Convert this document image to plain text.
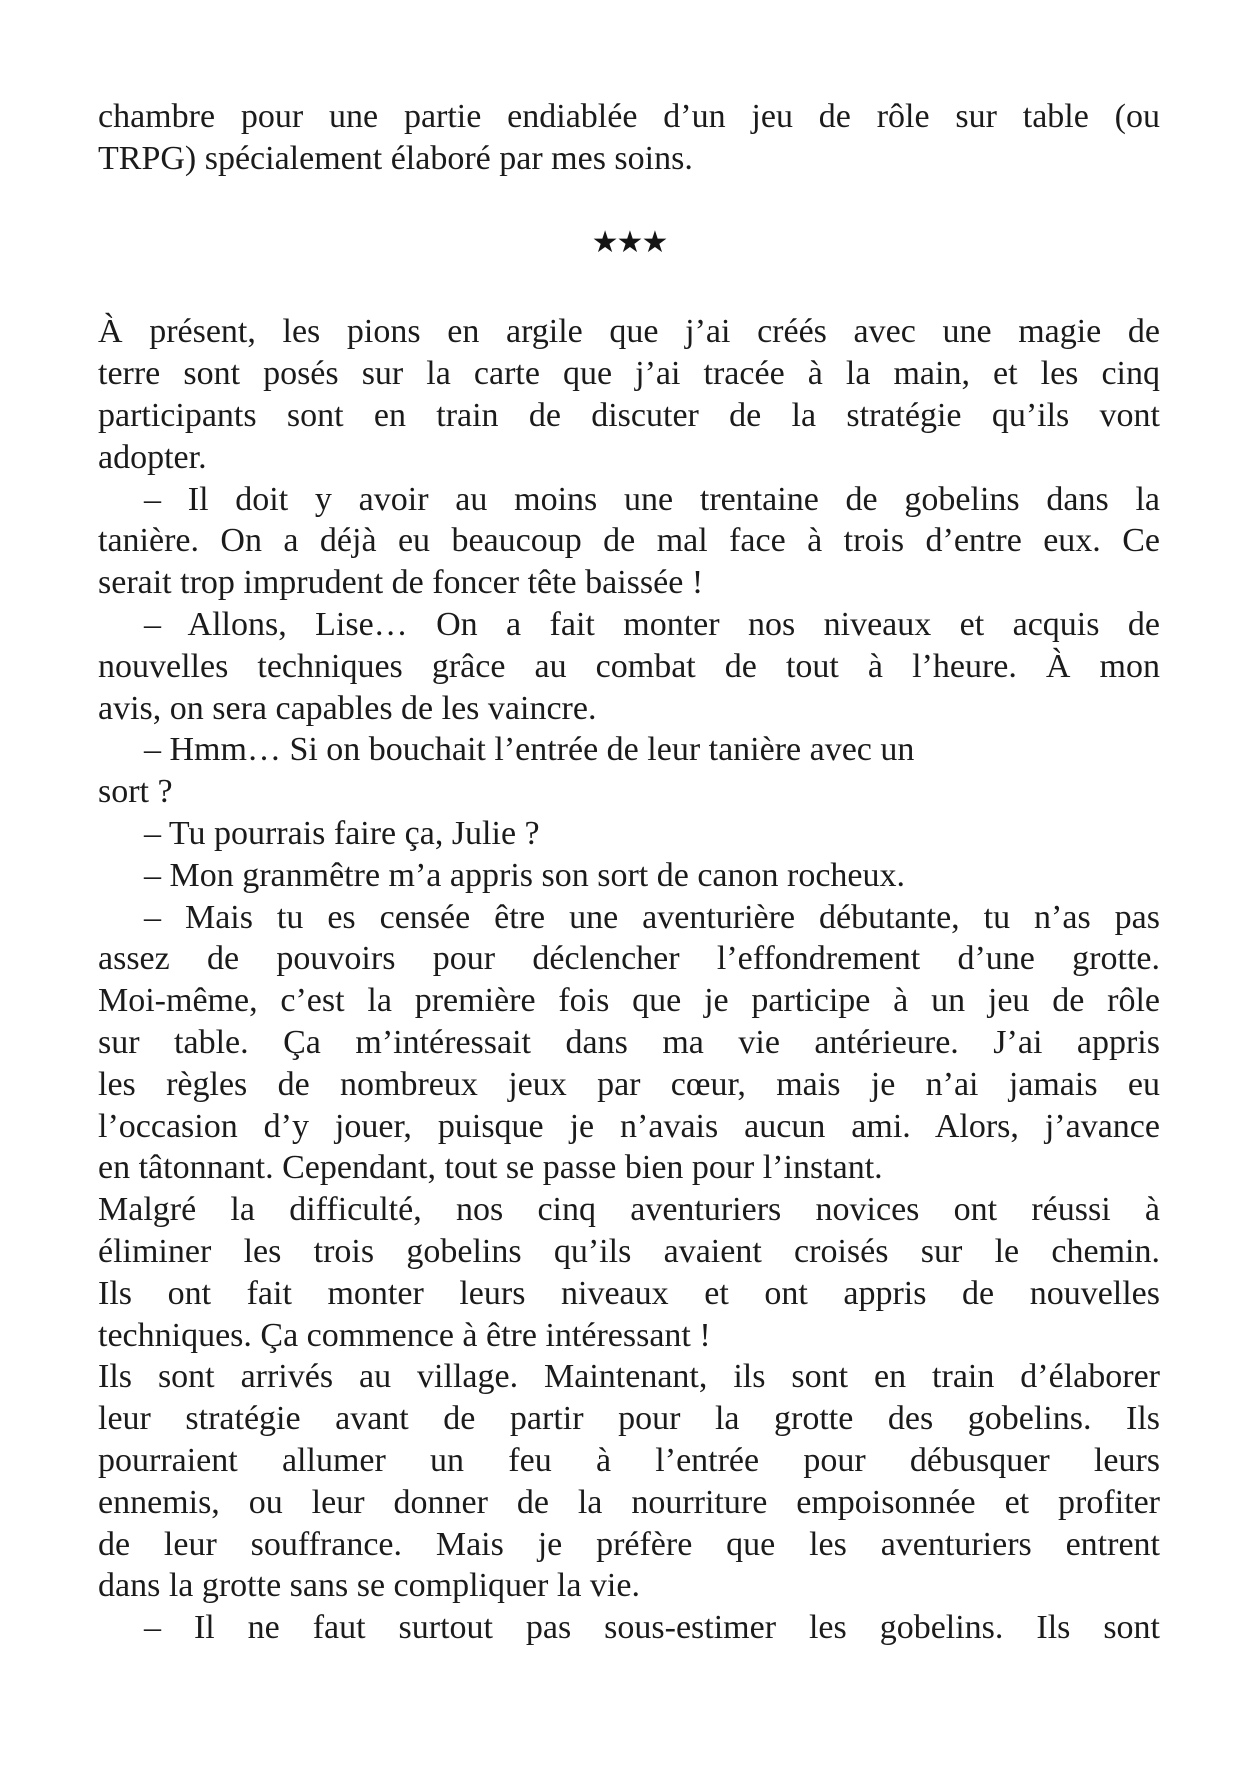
chambre pour une partie endiablée d’un jeu de rôle sur table (ou
TRPG) spécialement élaboré par mes soins.
★★★
À présent, les pions en argile que j’ai créés avec une magie de
terre sont posés sur la carte que j’ai tracée à la main, et les cinq
participants sont en train de discuter de la stratégie qu’ils vont
adopter.
– Il doit y avoir au moins une trentaine de gobelins dans la
tanière. On a déjà eu beaucoup de mal face à trois d’entre eux. Ce
serait trop imprudent de foncer tête baissée !
– Allons, Lise… On a fait monter nos niveaux et acquis de
nouvelles techniques grâce au combat de tout à l’heure. À mon
avis, on sera capables de les vaincre.
– Hmm… Si on bouchait l’entrée de leur tanière avec un
sort ?
– Tu pourrais faire ça, Julie ?
– Mon granmêtre m’a appris son sort de canon rocheux.
– Mais tu es censée être une aventurière débutante, tu n’as pas
assez de pouvoirs pour déclencher l’effondrement d’une grotte.
Moi-même, c’est la première fois que je participe à un jeu de rôle
sur table. Ça m’intéressait dans ma vie antérieure. J’ai appris
les règles de nombreux jeux par cœur, mais je n’ai jamais eu
l’occasion d’y jouer, puisque je n’avais aucun ami. Alors, j’avance
en tâtonnant. Cependant, tout se passe bien pour l’instant.
Malgré la difficulté, nos cinq aventuriers novices ont réussi à
éliminer les trois gobelins qu’ils avaient croisés sur le chemin.
Ils ont fait monter leurs niveaux et ont appris de nouvelles
techniques. Ça commence à être intéressant !
Ils sont arrivés au village. Maintenant, ils sont en train d’élaborer
leur stratégie avant de partir pour la grotte des gobelins. Ils
pourraient allumer un feu à l’entrée pour débusquer leurs
ennemis, ou leur donner de la nourriture empoisonnée et profiter
de leur souffrance. Mais je préfère que les aventuriers entrent
dans la grotte sans se compliquer la vie.
– Il ne faut surtout pas sous-estimer les gobelins. Ils sont
